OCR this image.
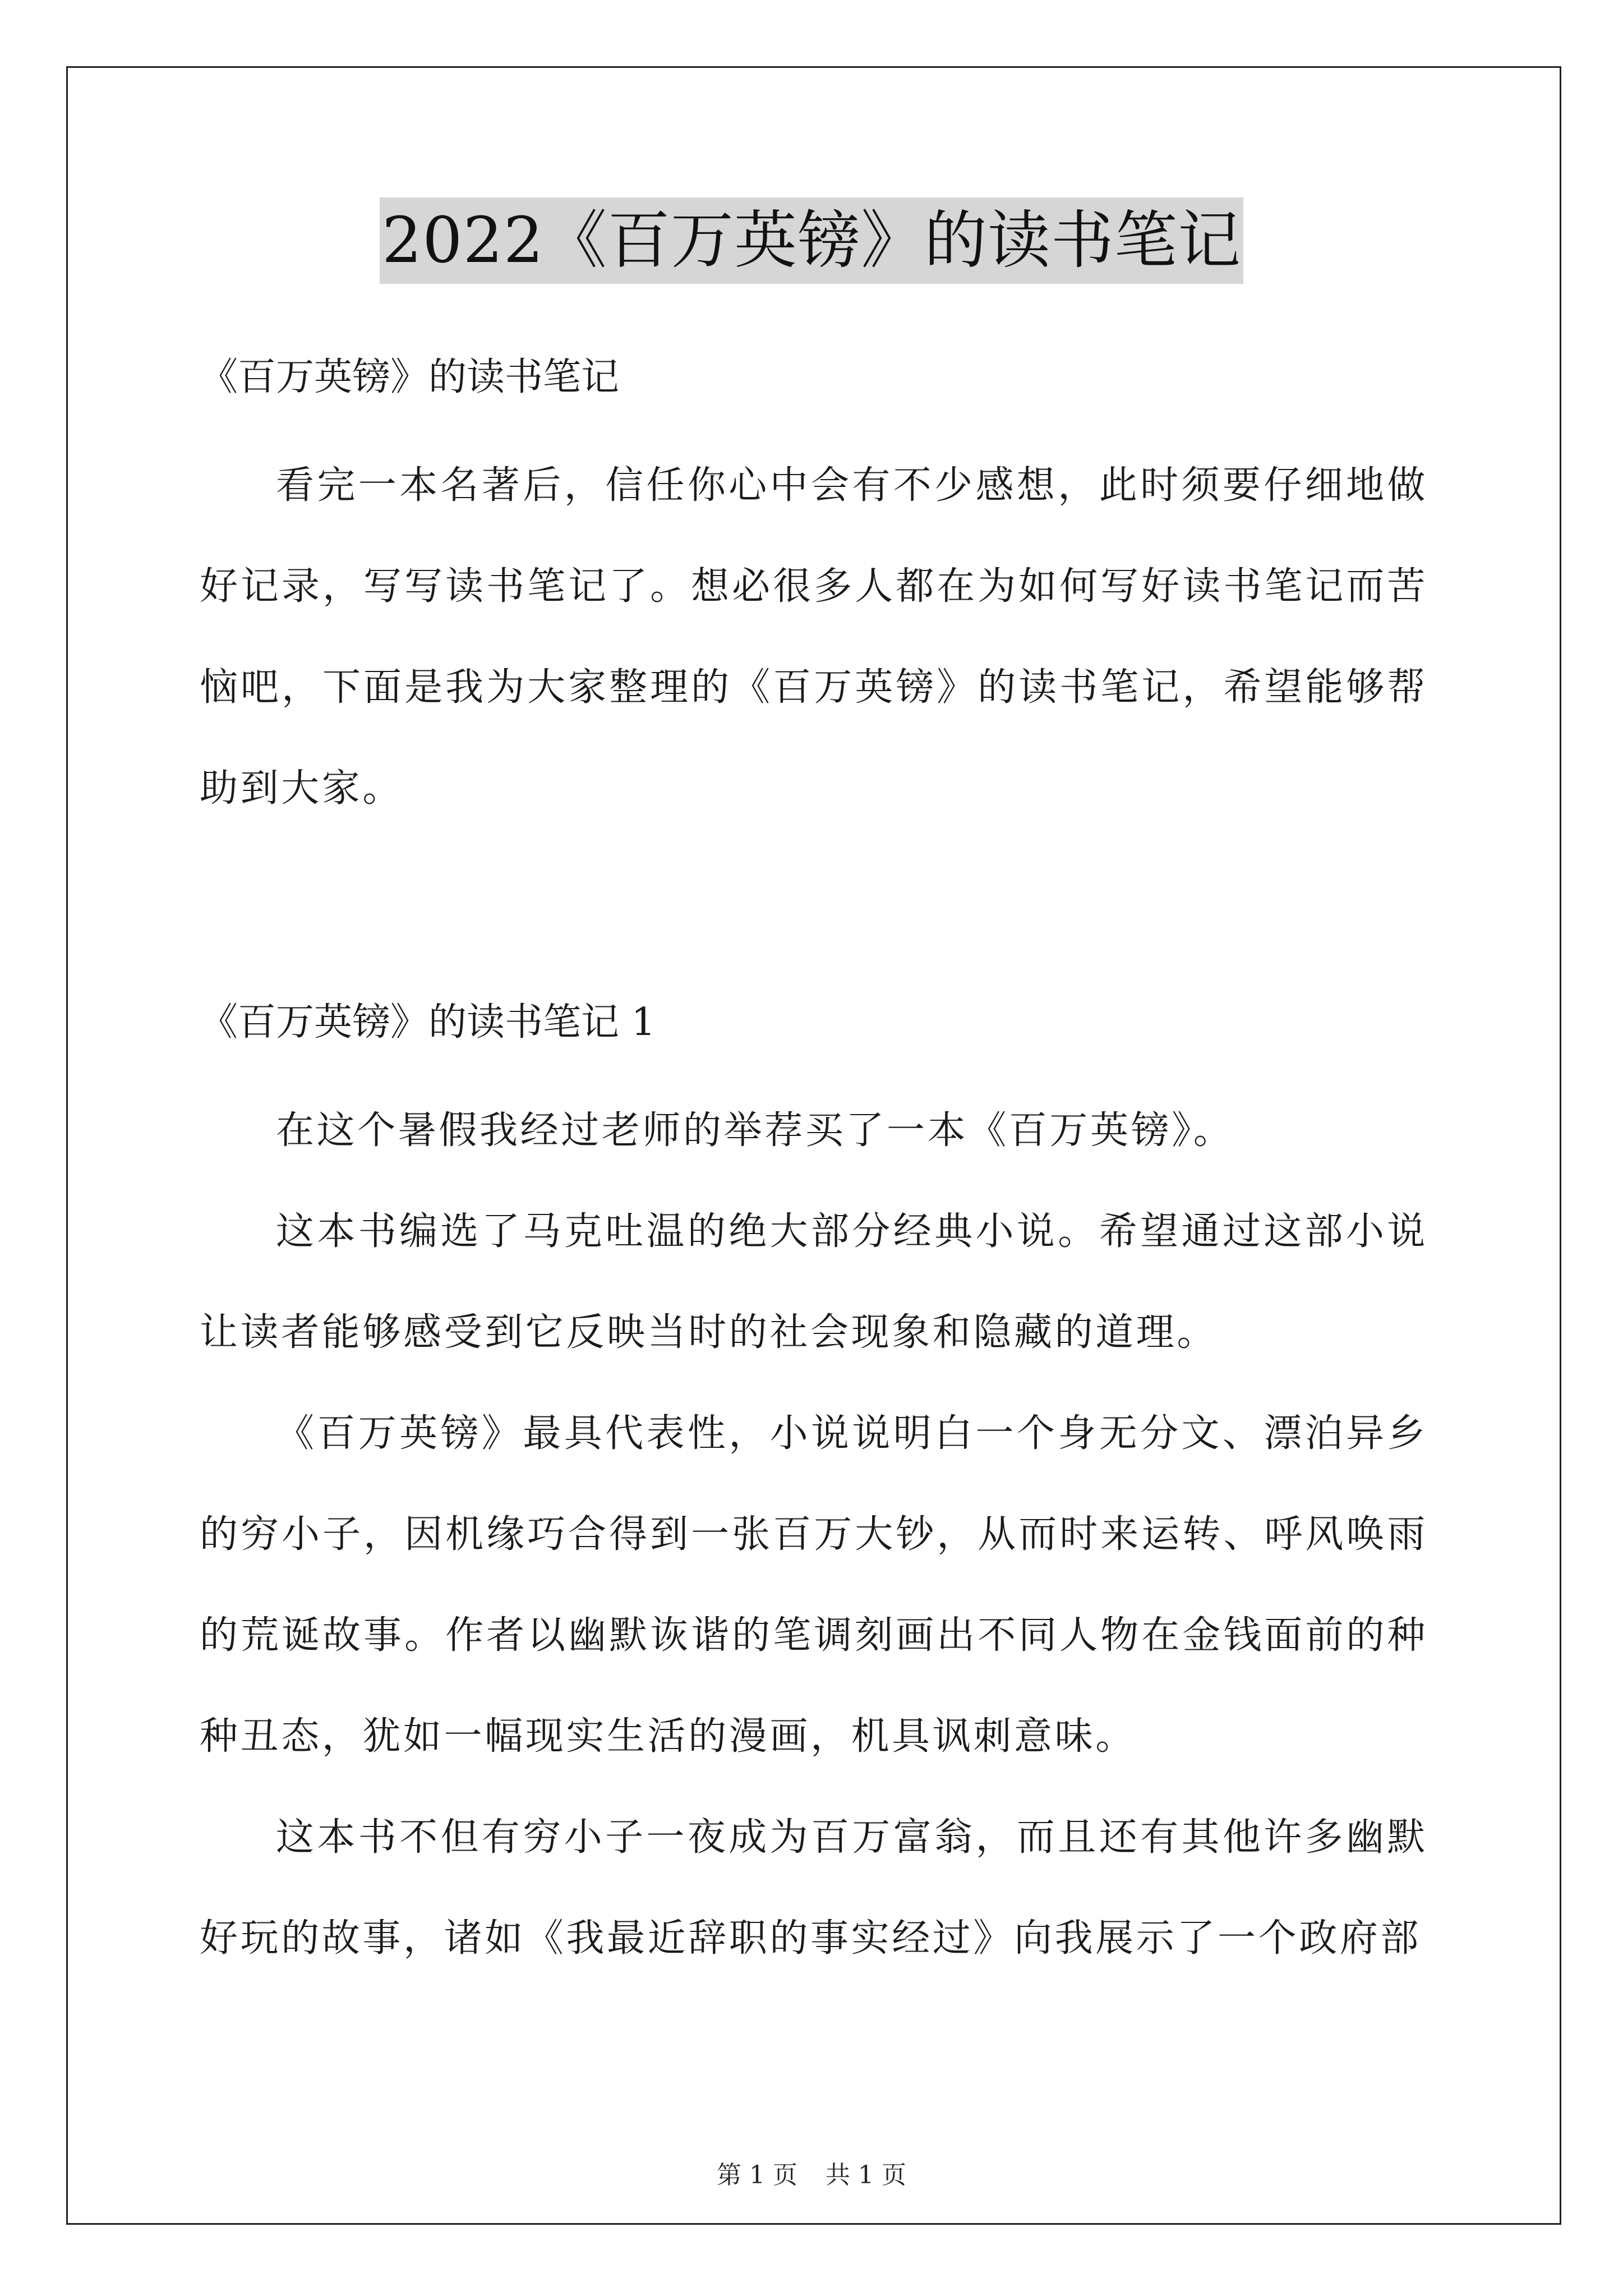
2022《百万英镑》的读书笔记
《百万英镑》的读书笔记
看完一本名著后，信任你心中会有不少感想，此时须要仔细地做好记录，写写读书笔记了。想必很多人都在为如何写好读书笔记而苦恼吧，下面是我为大家整理的《百万英镑》的读书笔记，希望能够帮助到大家。
《百万英镑》的读书笔记 1
在这个暑假我经过老师的举荐买了一本《百万英镑》。
这本书编选了马克吐温的绝大部分经典小说。希望通过这部小说让读者能够感受到它反映当时的社会现象和隐藏的道理。
《百万英镑》最具代表性，小说说明白一个身无分文、漂泊异乡的穷小子，因机缘巧合得到一张百万大钞，从而时来运转、呼风唤雨的荒诞故事。作者以幽默诙谐的笔调刻画出不同人物在金钱面前的种种丑态，犹如一幅现实生活的漫画，机具讽刺意味。
这本书不但有穷小子一夜成为百万富翁，而且还有其他许多幽默好玩的故事，诸如《我最近辞职的事实经过》向我展示了一个政府部
第 1 页 共 1 页
